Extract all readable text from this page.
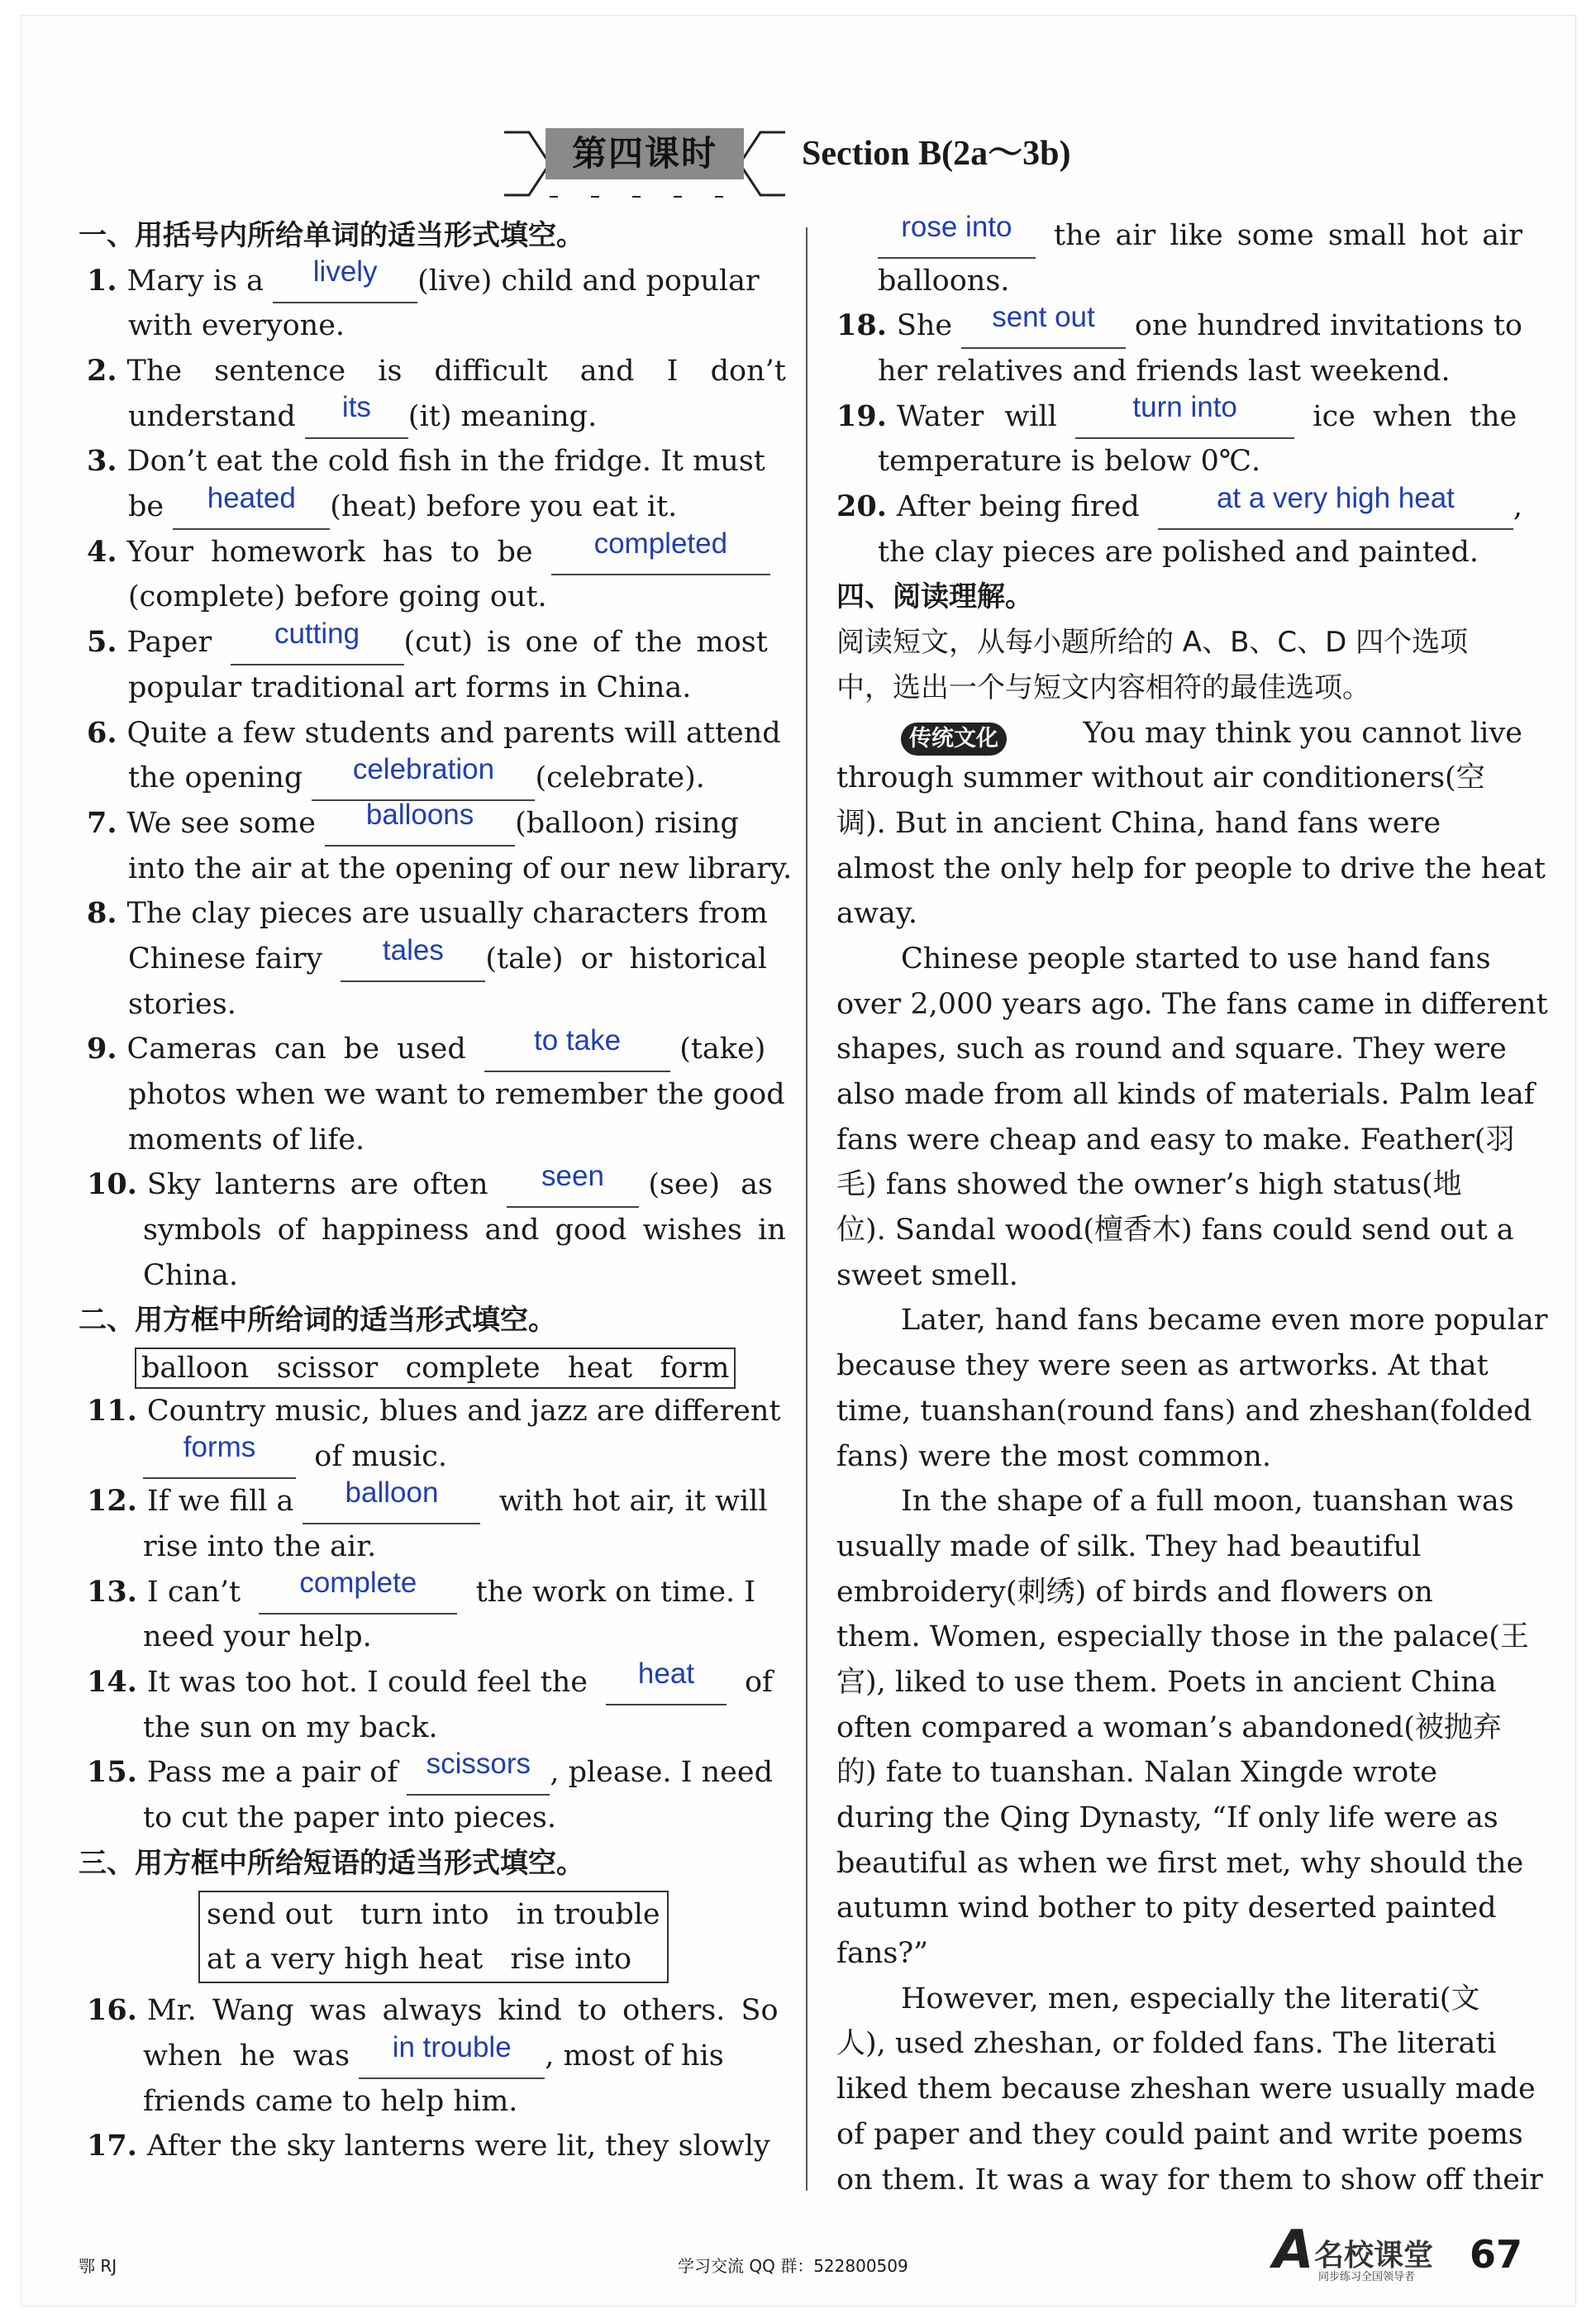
第四课时	Section B(2a～3b)
一、用括号内所给单词的适当形式填空。
1. Mary is a
	lively	(live) child and popular
with everyone.
2. The sentence is difficult and I don’t
understand
	its	(it) meaning.
3. Don’t eat the cold fish in the fridge. It must
be
	heated	(heat) before you eat it.
4. Your homework has to be
	completed
(complete) before going out.
5. Paper
	cutting	(cut) is one of the most
popular traditional art forms in China.
6. Quite a few students and parents will attend
the opening
	celebration	(celebrate).
7. We see some
	balloons	(balloon) rising
into the air at the opening of our new library.
8. The clay pieces are usually characters from
Chinese fairy
	tales	(tale) or historical
stories.
9. Cameras can be used
	to take
	(take)
photos when we want to remember the good
moments of life.
10. Sky lanterns are often
	seen
	(see) as
symbols of happiness and good wishes in
China.
二、用方框中所给词的适当形式填空。
balloon   scissor   complete   heat   form
11. Country music, blues and jazz are different
forms
	of music.
12. If we fill a
	balloon
	with hot air, it will
rise into the air.
13. I can’t
	complete
	the work on time. I
need your help.
14. It was too hot. I could feel the
	heat
	of
the sun on my back.
15. Pass me a pair of
scissors , please. I need
to cut the paper into pieces.
三、用方框中所给短语的适当形式填空。
send out   turn into   in trouble
at a very high heat   rise into
16. Mr. Wang was always kind to others. So
when he was
	in trouble	, most of his
friends came to help him.
17. After the sky lanterns were lit, they slowly
rose into
	the air like some small hot air
balloons.
18. She
	sent out
	one hundred invitations to
her relatives and friends last weekend.
19. Water will
	turn into
	ice when the
temperature is below 0℃.
20. After being fired
	at a very high heat	,
the clay pieces are polished and painted.
四、阅读理解。
阅读短文，从每小题所给的 A、B、C、D 四个选项
中，选出一个与短文内容相符的最佳选项。
传统文化	You may think you cannot live
through summer without air conditioners(空
调). But in ancient China, hand fans were
almost the only help for people to drive the heat
away.
Chinese people started to use hand fans
over 2,000 years ago. The fans came in different
shapes, such as round and square. They were
also made from all kinds of materials. Palm leaf
fans were cheap and easy to make. Feather(羽
毛) fans showed the owner’s high status(地
位). Sandal wood(檀香木) fans could send out a
sweet smell.
Later, hand fans became even more popular
because they were seen as artworks. At that
time, tuanshan(round fans) and zheshan(folded
fans) were the most common.
In the shape of a full moon, tuanshan was
usually made of silk. They had beautiful
embroidery(刺绣) of birds and flowers on
them. Women, especially those in the palace(王
宫), liked to use them. Poets in ancient China
often compared a woman’s abandoned(被抛弃
的) fate to tuanshan. Nalan Xingde wrote
during the Qing Dynasty, “If only life were as
beautiful as when we first met, why should the
autumn wind bother to pity deserted painted
fans?”
However, men, especially the literati(文
人), used zheshan, or folded fans. The literati
liked them because zheshan were usually made
of paper and they could paint and write poems
on them. It was a way for them to show off their
鄂 RJ	学习交流 QQ 群：522800509	A 名校课堂
同步练习全国领导者
67
